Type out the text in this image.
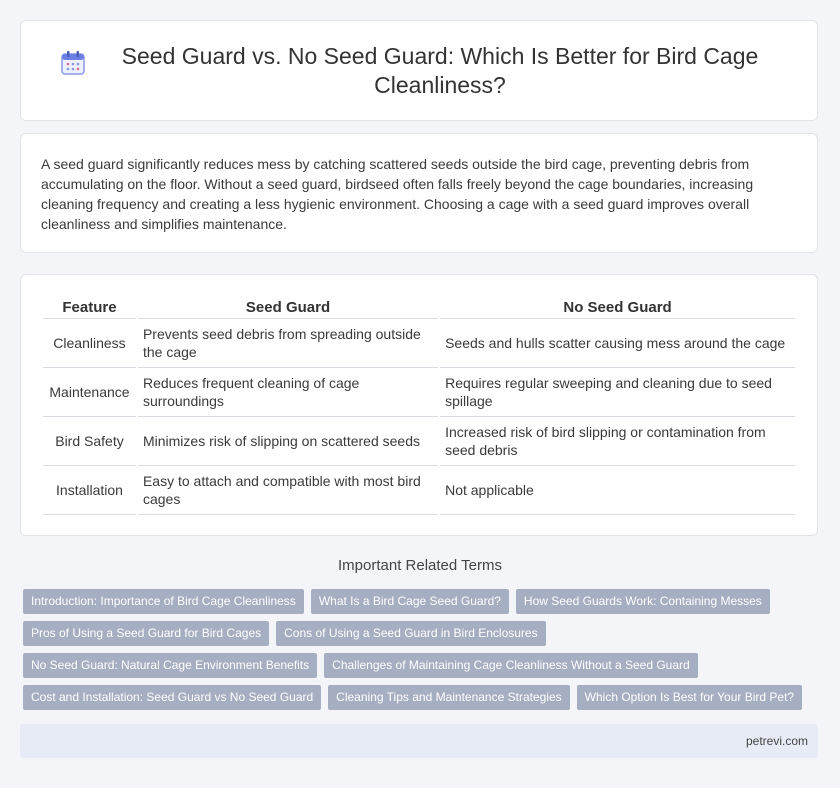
Seed Guard vs. No Seed Guard: Which Is Better for Bird Cage Cleanliness?

A seed guard significantly reduces mess by catching scattered seeds outside the bird cage, preventing debris from accumulating on the floor. Without a seed guard, birdseed often falls freely beyond the cage boundaries, increasing cleaning frequency and creating a less hygienic environment. Choosing a cage with a seed guard improves overall cleanliness and simplifies maintenance.

Feature	Seed Guard	No Seed Guard
Cleanliness	Prevents seed debris from spreading outside the cage	Seeds and hulls scatter causing mess around the cage
Maintenance	Reduces frequent cleaning of cage surroundings	Requires regular sweeping and cleaning due to seed spillage
Bird Safety	Minimizes risk of slipping on scattered seeds	Increased risk of bird slipping or contamination from seed debris
Installation	Easy to attach and compatible with most bird cages	Not applicable
Important Related Terms
Introduction: Importance of Bird Cage Cleanliness	What Is a Bird Cage Seed Guard?	How Seed Guards Work: Containing Messes
Pros of Using a Seed Guard for Bird Cages	Cons of Using a Seed Guard in Bird Enclosures
No Seed Guard: Natural Cage Environment Benefits	Challenges of Maintaining Cage Cleanliness Without a Seed Guard
Cost and Installation: Seed Guard vs No Seed Guard	Cleaning Tips and Maintenance Strategies	Which Option Is Best for Your Bird Pet?
petrevi.com
